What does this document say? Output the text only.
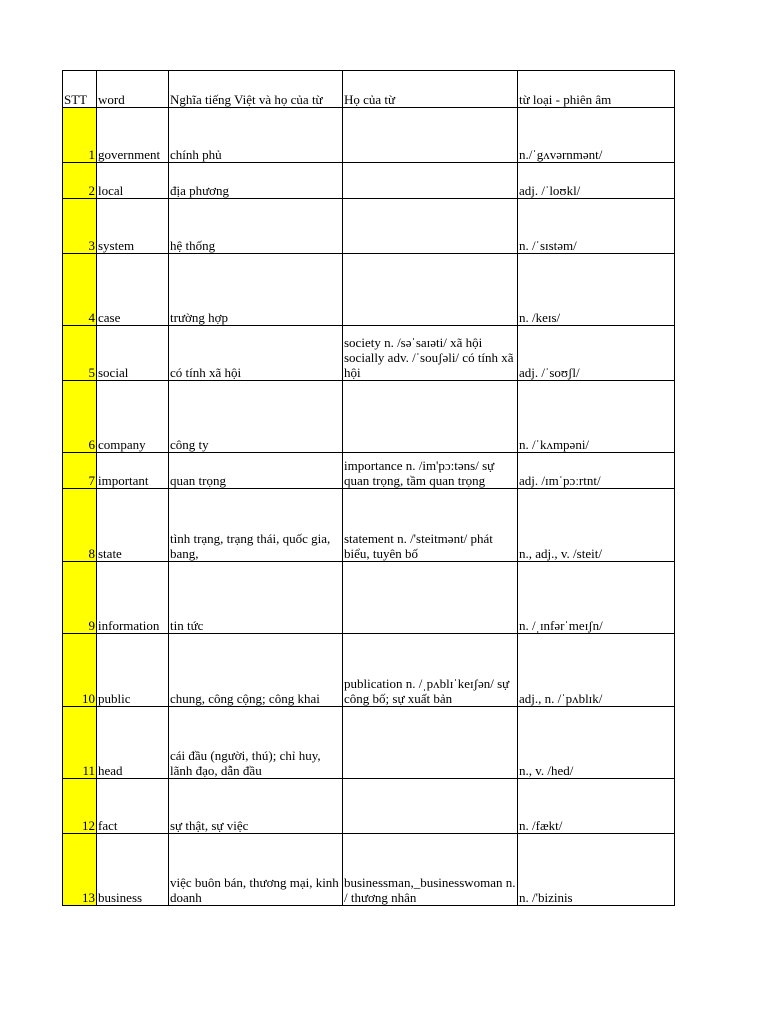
STT	word	Nghĩa tiếng Việt và họ của từ	Họ của từ	từ loại - phiên âm
1	government	chính phủ		n./ˈgʌvərnmənt/
2	local	địa phương		adj. /ˈloʊkl/
3	system	hệ thống		n. /ˈsɪstəm/
4	case	trường hợp		n. /keɪs/
5	social	có tính xã hội	society n. /səˈsaɪəti/ xã hội socially adv. /ˈsouʃəli/ có tính xã hội	adj. /ˈsoʊʃl/
6	company	công ty		n. /ˈkʌmpəni/
7	important	quan trọng	importance n. /im'pɔ:təns/ sự quan trọng, tầm quan trọng	adj. /ɪmˈpɔːrtnt/
8	state	tình trạng, trạng thái, quốc gia, bang,	statement n. /'steitmənt/ phát biểu, tuyên bố	n., adj., v. /steit/
9	information	tin tức		n. /ˌɪnfərˈmeɪʃn/
10	public	chung, công cộng; công khai	publication n. /ˌpʌblɪˈkeɪʃən/ sự công bố; sự xuất bản	adj., n. /ˈpʌblɪk/
11	head	cái đầu (người, thú); chỉ huy, lãnh đạo, dẫn đầu		n., v. /hed/
12	fact	sự thật, sự việc		n. /fækt/
13	business	việc buôn bán, thương mại, kinh doanh	businessman,_businesswoman n. / thương nhân	n. /'bizinis
